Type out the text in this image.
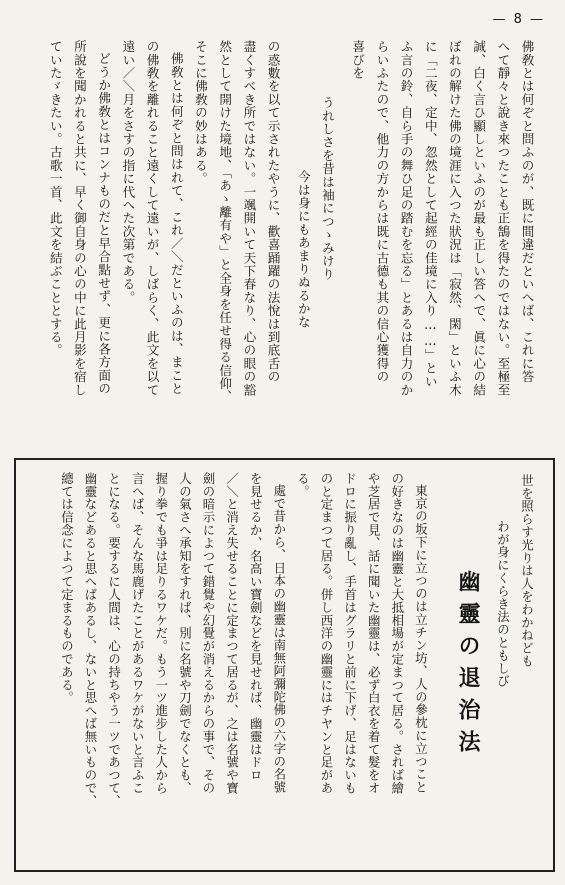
— 8 —

佛敎とは何ぞと問ふのが、既に間違だといへば、これに答

へて靜々と說き來つたことも正鵠を得たのではない。至極至

誠、白く言ひ顯しといふのが最も正しい答へで、眞に心の結

ぼれの解けた佛の境涯に入つた狀況は「寂然、閑」といふ木

に「二夜、定中、忽然として起經の佳境に入り……」とい

ふ言の鈴、自ら手の舞ひ足の踏むを忘る」とあるは自力のか

らいふたので、他力の方からは既に古德も其の信心獲得の

喜びを

うれしさを昔は袖につゝみけり

今は身にもあまりぬるかな

の惑數を以て示されたやうに、歡喜踊躍の法悅は到底舌の

盡くすべき所ではない。一颯開いて天下春なり、心の眼の豁

然として開けた境地、「あゝ離有や」と全身を任せ得る信仰、

そこに佛敎の妙はある。

佛敎とは何ぞと問はれて、これ／＼だといふのは、まこと

の佛敎を離れること遠くして遠いが、しばらく、此文を以て

遠い／＼月をさすの指に代へた次第である。

どうか佛敎とはコンナものだと早合點せず、更に各方面の

所說を聞かれると共に、早く御自身の心の中に此月影を宿し

ていたゞきたい。古歌一首、此文を結ぶこととする。

世を照らす光りは人をわかねども

わが身にくらき法のともしび

幽靈の退治法

東京の坂下に立つのは立チン坊、人の參枕に立つこと

の好きなのは幽靈と大抵相場が定まつて居る。されば繪

や芝居で見、話に聞いた幽靈は、必ず白衣を着て髮をオ

ドロに振り亂し、手首はグラリと前に下げ、足はないも

のと定まつて居る。併し西洋の幽靈にはチヤンと足があ

る。

處で昔から、日本の幽靈は南無阿彌陀佛の六字の名號

を見せるか、名高い寶劍などを見せれば、幽靈はドロ

／＼と消え失せることに定まつて居るが、之は名號や寶

劍の暗示によつて錯覺や幻覺が消えるからの事で、その

人の氣さへ承知をすれば、別に名號や刀劍でなくとも、

握り拳でも爭は足りるワケだ。もう一ツ進步した人から

言へば、そんな馬鹿げたことがあるワケがないと言ふこ

とになる。要するに人間は、心の持ちやう一ツであつて、

幽靈などあると思へばあるし、ないと思へば無いもので、

總ては信念によつて定まるものである。
